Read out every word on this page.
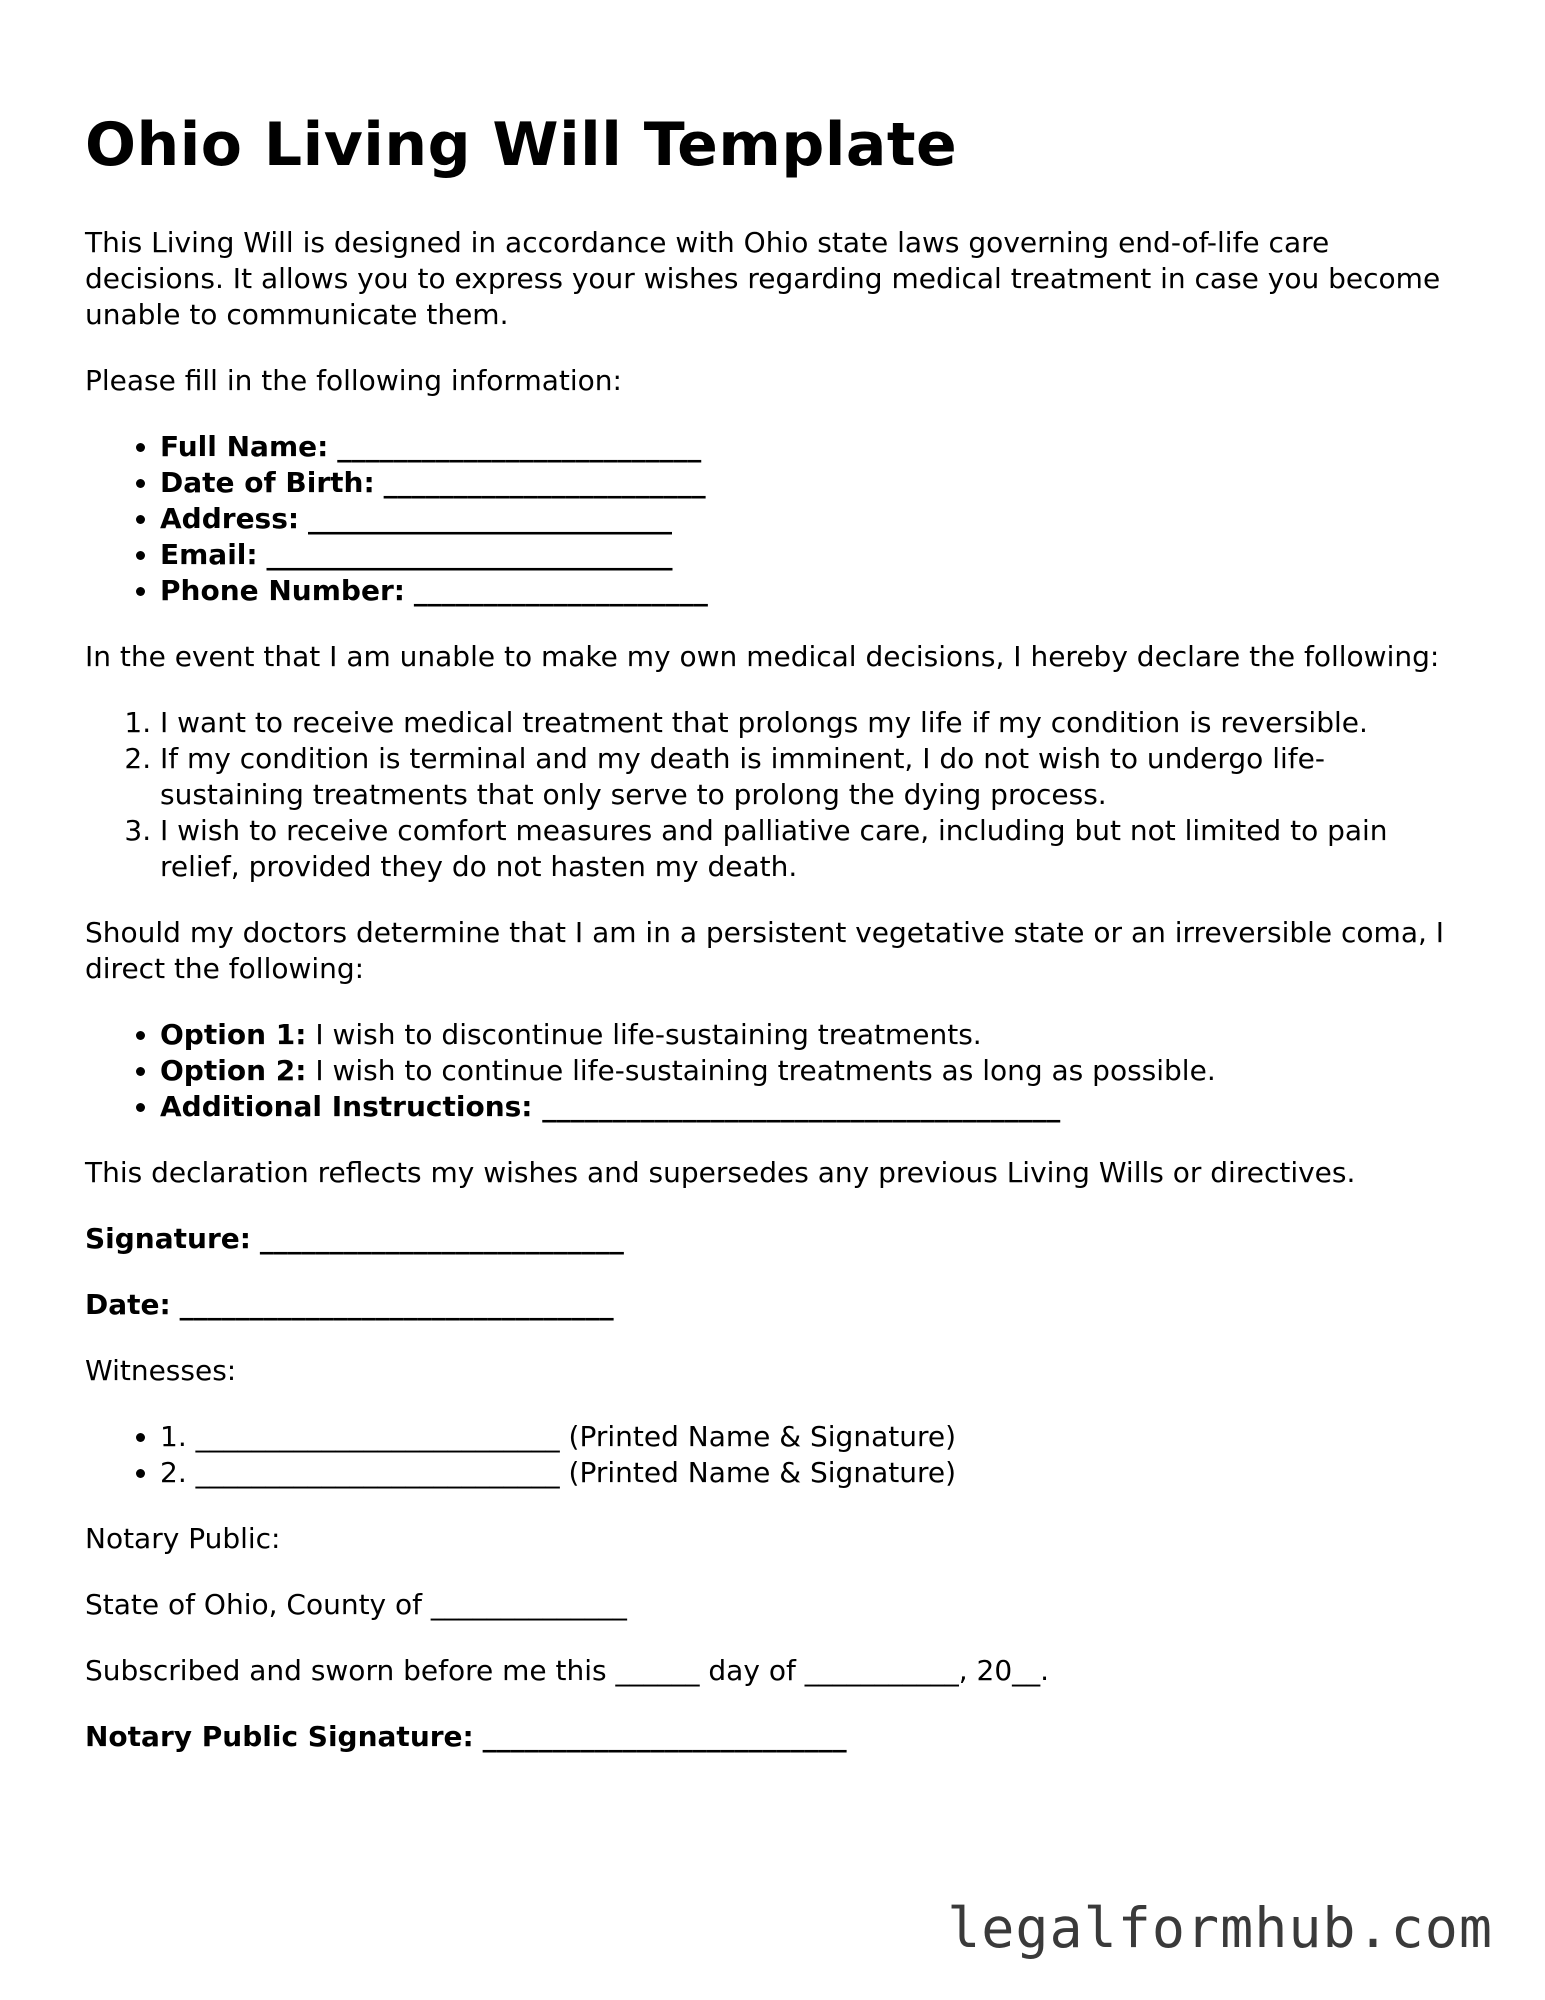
Ohio Living Will Template

This Living Will is designed in accordance with Ohio state laws governing end-of-life care decisions. It allows you to express your wishes regarding medical treatment in case you become unable to communicate them.

Please fill in the following information:

• Full Name: __________________________
• Date of Birth: _______________________
• Address: __________________________
• Email: _____________________________
• Phone Number: _____________________

In the event that I am unable to make my own medical decisions, I hereby declare the following:

1. I want to receive medical treatment that prolongs my life if my condition is reversible.
2. If my condition is terminal and my death is imminent, I do not wish to undergo life-sustaining treatments that only serve to prolong the dying process.
3. I wish to receive comfort measures and palliative care, including but not limited to pain relief, provided they do not hasten my death.

Should my doctors determine that I am in a persistent vegetative state or an irreversible coma, I direct the following:

• Option 1: I wish to discontinue life-sustaining treatments.
• Option 2: I wish to continue life-sustaining treatments as long as possible.
• Additional Instructions: _____________________________________

This declaration reflects my wishes and supersedes any previous Living Wills or directives.

Signature: __________________________

Date: _______________________________

Witnesses:

• 1. __________________________ (Printed Name & Signature)
• 2. __________________________ (Printed Name & Signature)

Notary Public:

State of Ohio, County of ______________

Subscribed and sworn before me this ______ day of ___________, 20__.

Notary Public Signature: __________________________

legalformhub.com
